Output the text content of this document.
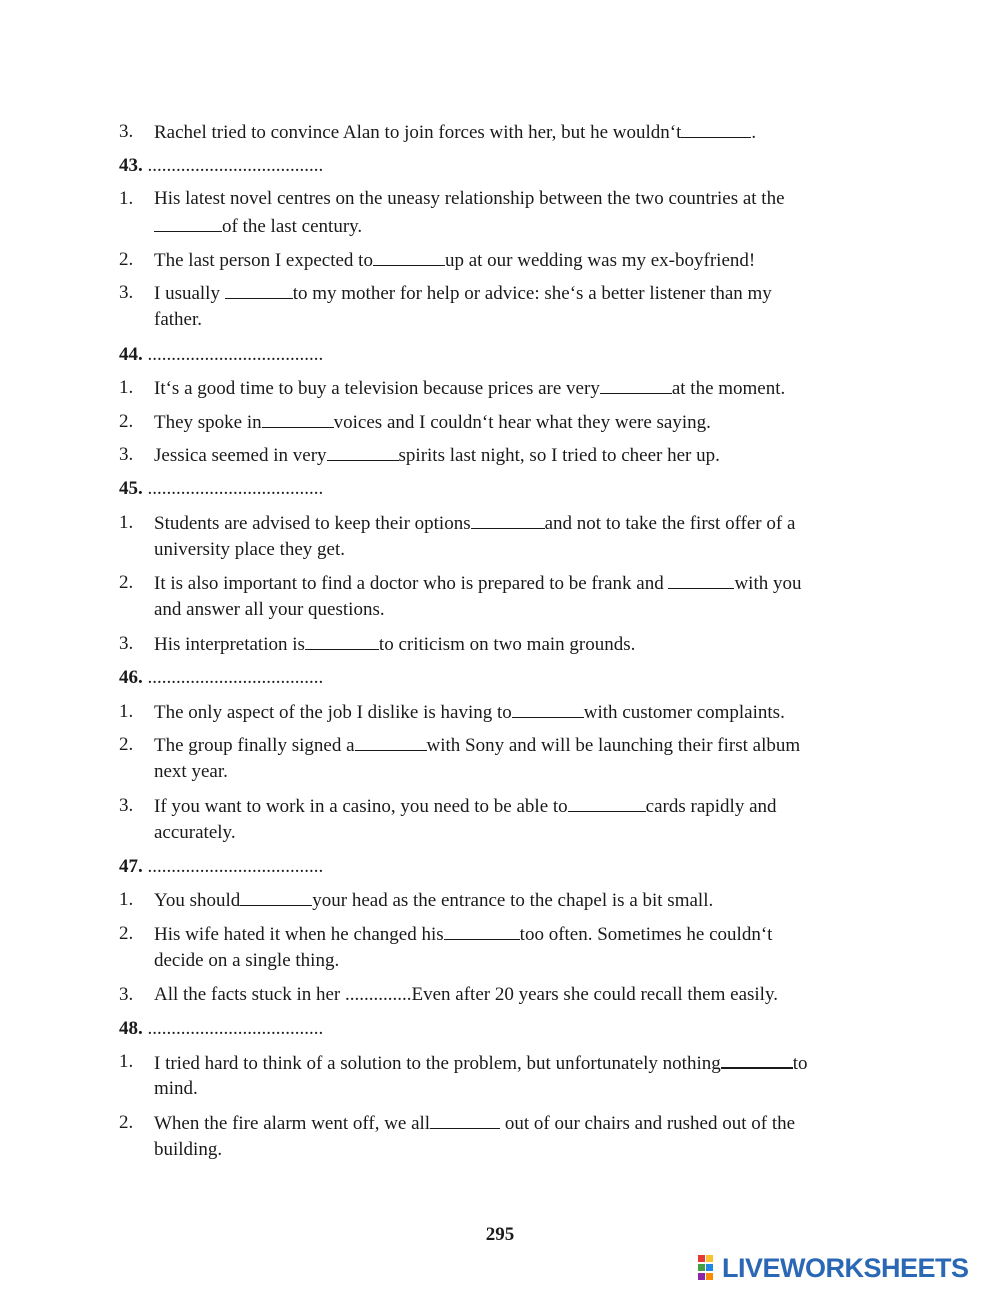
3. Rachel tried to convince Alan to join forces with her, but he wouldn‘t	.
43. .....................................
1. His latest novel centres on the uneasy relationship between the two countries at the
of the last century.
2. The last person I expected to	up at our wedding was my ex-boyfriend!
3. I usually	to my mother for help or advice: she‘s a better listener than my
father.
44. .....................................
1. It‘s a good time to buy a television because prices are very	at the moment.
2. They spoke in	voices and I couldn‘t hear what they were saying.
3. Jessica seemed in very	spirits last night, so I tried to cheer her up.
45. .....................................
1. Students are advised to keep their options	and not to take the first offer of a
university place they get.
2. It is also important to find a doctor who is prepared to be frank and	with you
and answer all your questions.
3. His interpretation is	to criticism on two main grounds.
46. .....................................
1. The only aspect of the job I dislike is having to	with customer complaints.
2. The group finally signed a	with Sony and will be launching their first album
next year.
3. If you want to work in a casino, you need to be able to	cards rapidly and
accurately.
47. .....................................
1. You should	your head as the entrance to the chapel is a bit small.
2. His wife hated it when he changed his	too often. Sometimes he couldn‘t
decide on a single thing.
3. All the facts stuck in her ..............Even after 20 years she could recall them easily.
48. .....................................
1. I tried hard to think of a solution to the problem, but unfortunately nothing	to
mind.
2. When the fire alarm went off, we all	out of our chairs and rushed out of the
building.
295
LIVEWORKSHEETS
